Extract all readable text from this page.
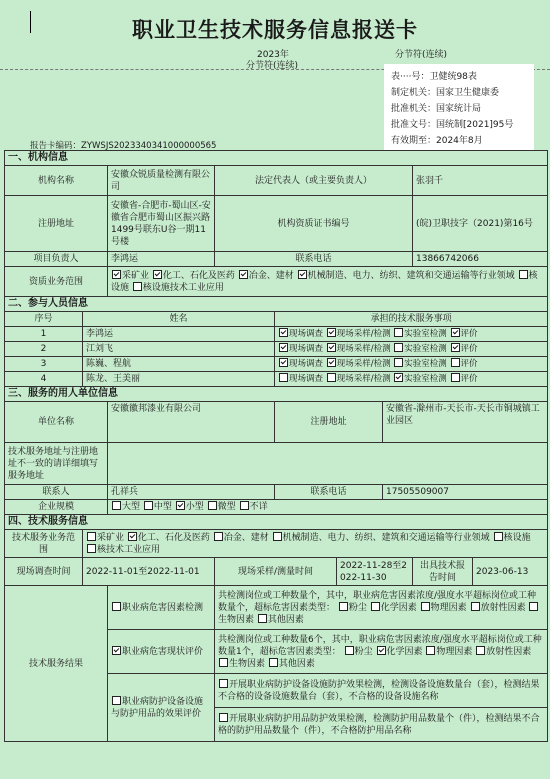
职业卫生技术服务信息报送卡
2023年	分节符(连续)
分节符(连续)
表····号：卫健统98表
制定机关：国家卫生健康委
批准机关：国家统计局
批准文号：国统制[2021]95号
有效期至：2024年8月
报告卡编码：ZYWSJS2023340341000000565
一、机构信息								
机构名称		安徽众锐质量检测有限公司	法定代表人（或主要负责人）				张羽千	
注册地址		安徽省-合肥市-蜀山区-安徽省合肥市蜀山区振兴路1499号联东U谷一期11号楼	机构资质证书编号				(皖)卫职技字（2021)第16号	
项目负责人		李鸿运	联系电话				13866742066	
资质业务范围		采矿业 化工、石化及医药 冶金、建材 机械制造、电力、纺织、建筑和交通运输等行业领域 核设施 核设施技术工业应用						
二、参与人员信息								
序号	姓名			承担的技术服务事项				
1	李鸿运			现场调查 现场采样/检测 实验室检测 评价				
2	江刘飞			现场调查 现场采样/检测 实验室检测 评价				
3	陈巍、程航			现场调查 现场采样/检测 实验室检测 评价				
4	陈龙、王美丽			现场调查 现场采样/检测 实验室检测 评价				
三、服务的用人单位信息								
单位名称		安徽徽邦漆业有限公司		注册地址		安徽省-滁州市-天长市-天长市铜城镇工业园区		
技术服务地址与注册地址不一致的请详细填写服务地址								
联系人		孔祥兵		联系电话		17505509007		
企业规模		大型 中型 小型 微型 不详						
四、技术服务信息								
技术服务业务范围	采矿业 化工、石化及医药 冶金、建材 机械制造、电力、纺织、建筑和交通运输等行业领域 核设施 核技术工业应用							
现场调查时间	2022-11-01至2022-11-01		现场采样/测量时间		2022-11-28至2022-11-30		出具技术报告时间	2023-06-13
技术服务结果		职业病危害因素检测	共检测岗位或工种数量个，其中，职业病危害因素浓度/强度水平超标岗位或工种数量个，超标危害因素类型： 粉尘 化学因素 物理因素 放射性因素 生物因素 其他因素					
		职业病危害现状评价	共检测岗位或工种数量6个，其中，职业病危害因素浓度/强度水平超标岗位或工种数量1个，超标危害因素类型： 粉尘 化学因素 物理因素 放射性因素 生物因素 其他因素					
		职业病防护设备设施与防护用品的效果评价	开展职业病防护设备设施防护效果检测，检测设备设施数量台（套），检测结果不合格的设备设施数量台（套），不合格的设备设施名称					
			开展职业病防护用品防护效果检测，检测防护用品数量个（件），检测结果不合格的防护用品数量个（件），不合格防护用品名称					
